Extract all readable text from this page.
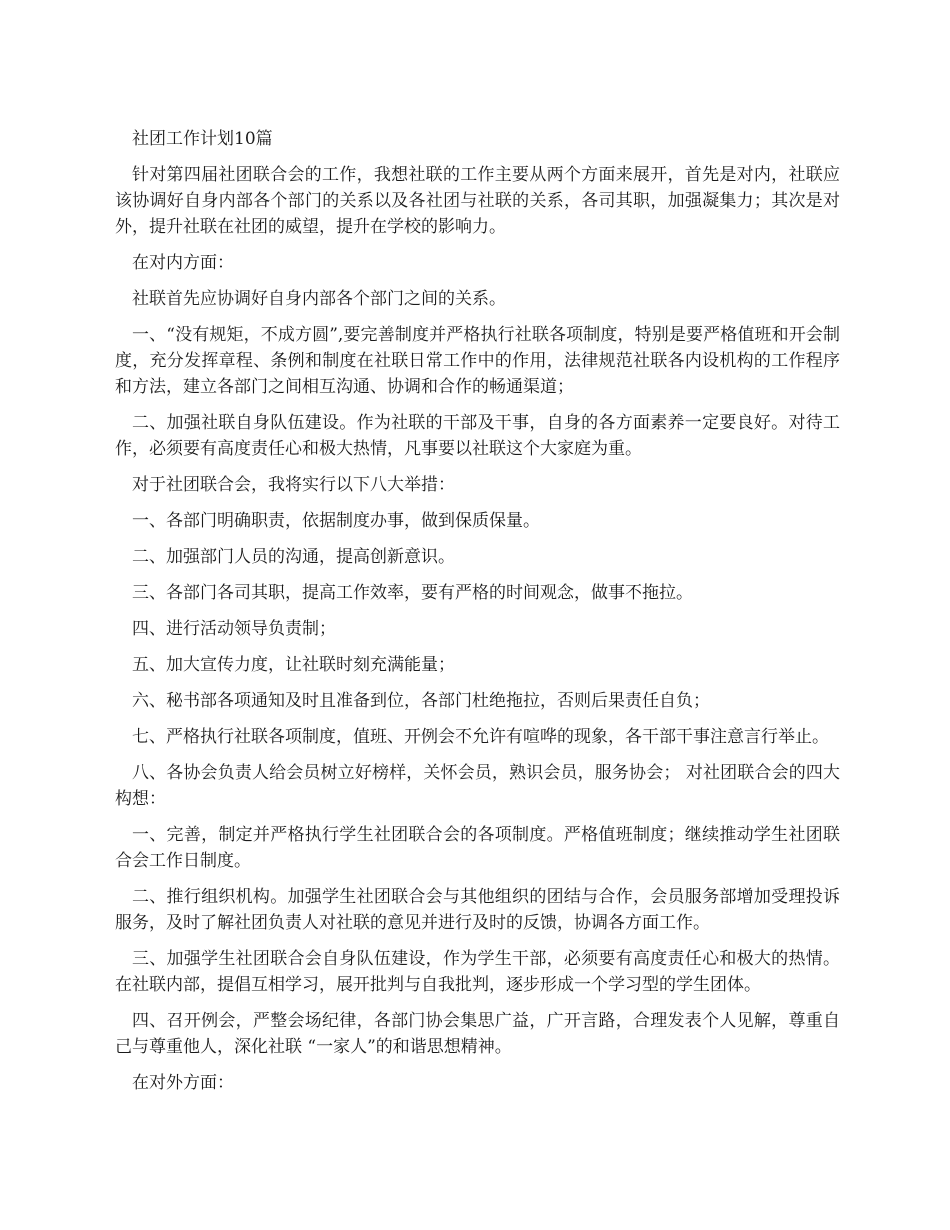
社团工作计划10篇

针对第四届社团联合会的工作，我想社联的工作主要从两个方面来展开，首先是对内，社联应该协调好自身内部各个部门的关系以及各社团与社联的关系，各司其职，加强凝集力；其次是对外，提升社联在社团的威望，提升在学校的影响力。

在对内方面：

社联首先应协调好自身内部各个部门之间的关系。

一、“没有规矩，不成方圆”,要完善制度并严格执行社联各项制度，特别是要严格值班和开会制度，充分发挥章程、条例和制度在社联日常工作中的作用，法律规范社联各内设机构的工作程序和方法，建立各部门之间相互沟通、协调和合作的畅通渠道；

二、加强社联自身队伍建设。作为社联的干部及干事，自身的各方面素养一定要良好。对待工作，必须要有高度责任心和极大热情，凡事要以社联这个大家庭为重。

对于社团联合会，我将实行以下八大举措：

一、各部门明确职责，依据制度办事，做到保质保量。

二、加强部门人员的沟通，提高创新意识。

三、各部门各司其职，提高工作效率，要有严格的时间观念，做事不拖拉。

四、进行活动领导负责制；

五、加大宣传力度，让社联时刻充满能量；

六、秘书部各项通知及时且准备到位，各部门杜绝拖拉，否则后果责任自负；

七、严格执行社联各项制度，值班、开例会不允许有喧哗的现象，各干部干事注意言行举止。

八、各协会负责人给会员树立好榜样，关怀会员，熟识会员，服务协会； 对社团联合会的四大构想：

一、完善，制定并严格执行学生社团联合会的各项制度。严格值班制度；继续推动学生社团联合会工作日制度。

二、推行组织机构。加强学生社团联合会与其他组织的团结与合作，会员服务部增加受理投诉服务，及时了解社团负责人对社联的意见并进行及时的反馈，协调各方面工作。

三、加强学生社团联合会自身队伍建设，作为学生干部，必须要有高度责任心和极大的热情。在社联内部，提倡互相学习，展开批判与自我批判，逐步形成一个学习型的学生团体。

四、召开例会，严整会场纪律，各部门协会集思广益，广开言路，合理发表个人见解，尊重自己与尊重他人，深化社联 “一家人”的和谐思想精神。

在对外方面：
